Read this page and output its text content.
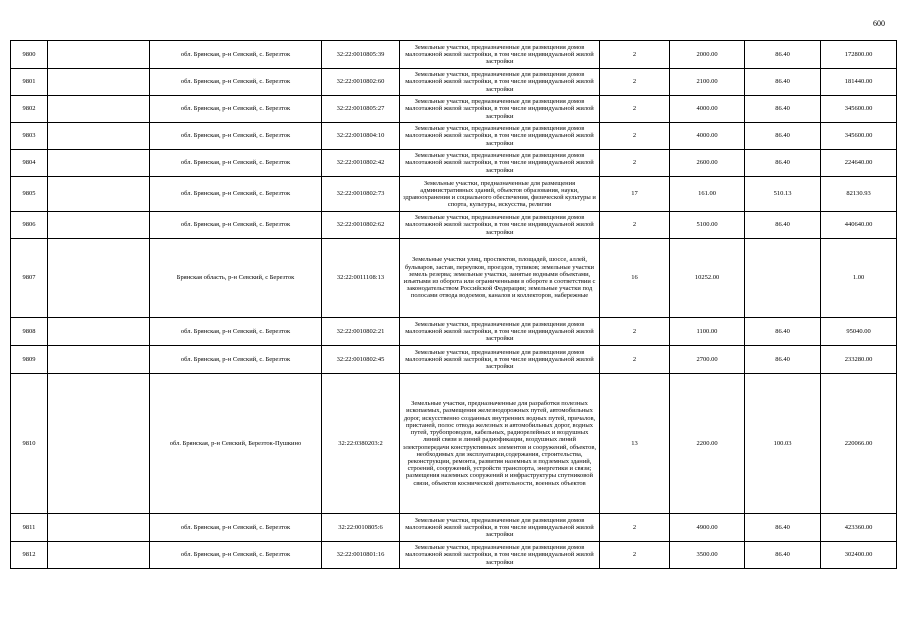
600
9800		обл. Брянская, р-н Севский, с. Березток	32:22:0010805:39	Земельные участки, предназначенные для размещения домов малоэтажной жилой застройки, в том числе индивидуальной жилой застройки	2	2000.00	86.40	172800.00
9801		обл. Брянская, р-н Севский, с. Березток	32:22:0010802:60	Земельные участки, предназначенные для размещения домов малоэтажной жилой застройки, в том числе индивидуальной жилой застройки	2	2100.00	86.40	181440.00
9802		обл. Брянская, р-н Севский, с. Березток	32:22:0010805:27	Земельные участки, предназначенные для размещения домов малоэтажной жилой застройки, в том числе индивидуальной жилой застройки	2	4000.00	86.40	345600.00
9803		обл. Брянская, р-н Севский, с. Березток	32:22:0010804:10	Земельные участки, предназначенные для размещения домов малоэтажной жилой застройки, в том числе индивидуальной жилой застройки	2	4000.00	86.40	345600.00
9804		обл. Брянская, р-н Севский, с. Березток	32:22:0010802:42	Земельные участки, предназначенные для размещения домов малоэтажной жилой застройки, в том числе индивидуальной жилой застройки	2	2600.00	86.40	224640.00
9805		обл. Брянская, р-н Севский, с. Березток	32:22:0010802:73	Земельные участки, предназначенные для размещения административных зданий, объектов образования, науки, здравоохранения и социального обеспечения, физической культуры и спорта, культуры, искусства, религии	17	161.00	510.13	82130.93
9806		обл. Брянская, р-н Севский, с. Березток	32:22:0010802:62	Земельные участки, предназначенные для размещения домов малоэтажной жилой застройки, в том числе индивидуальной жилой застройки	2	5100.00	86.40	440640.00
9807		Брянская область, р-н Севский, с Березток	32:22:0011108:13	Земельные участки улиц, проспектов, площадей, шоссе, аллей, бульваров, застав, переулков, проездов, тупиков; земельные участки земель резерва; земельные участки, занятые водными объектами, изъятыми из оборота или ограниченными в обороте в соответствии с законодательством Российской Федерации; земельные участки под полосами отвода водоемов, каналов и коллекторов, набережные	16	10252.00		1.00
9808		обл. Брянская, р-н Севский, с. Березток	32:22:0010802:21	Земельные участки, предназначенные для размещения домов малоэтажной жилой застройки, в том числе индивидуальной жилой застройки	2	1100.00	86.40	95040.00
9809		обл. Брянская, р-н Севский, с. Березток	32:22:0010802:45	Земельные участки, предназначенные для размещения домов малоэтажной жилой застройки, в том числе индивидуальной жилой застройки	2	2700.00	86.40	233280.00
9810		обл. Брянская, р-н Севский, Березток-Пушкино	32:22:0380203:2	Земельные участки, предназначенные для разработки полезных ископаемых, размещения железнодорожных путей, автомобильных дорог, искусственно созданных внутренних водных путей, причалов, пристаней, полос отвода железных и автомобильных дорог, водных путей, трубопроводов, кабельных, радиорелейных и воздушных линий связи и линий радиофикации, воздушных линий электропередачи конструктивных элементов и сооружений, объектов, необходимых для эксплуатации,содержания, строительства, реконструкции, ремонта, развития наземных и подземных зданий, строений, сооружений, устройств транспорта, энергетики и связи; размещения наземных сооружений и инфраструктуры спутниковой связи, объектов космической деятельности, военных объектов	13	2200.00	100.03	220066.00
9811		обл. Брянская, р-н Севский, с. Березток	32:22:0010805:6	Земельные участки, предназначенные для размещения домов малоэтажной жилой застройки, в том числе индивидуальной жилой застройки	2	4900.00	86.40	423360.00
9812		обл. Брянская, р-н Севский, с. Березток	32:22:0010801:16	Земельные участки, предназначенные для размещения домов малоэтажной жилой застройки, в том числе индивидуальной жилой застройки	2	3500.00	86.40	302400.00
